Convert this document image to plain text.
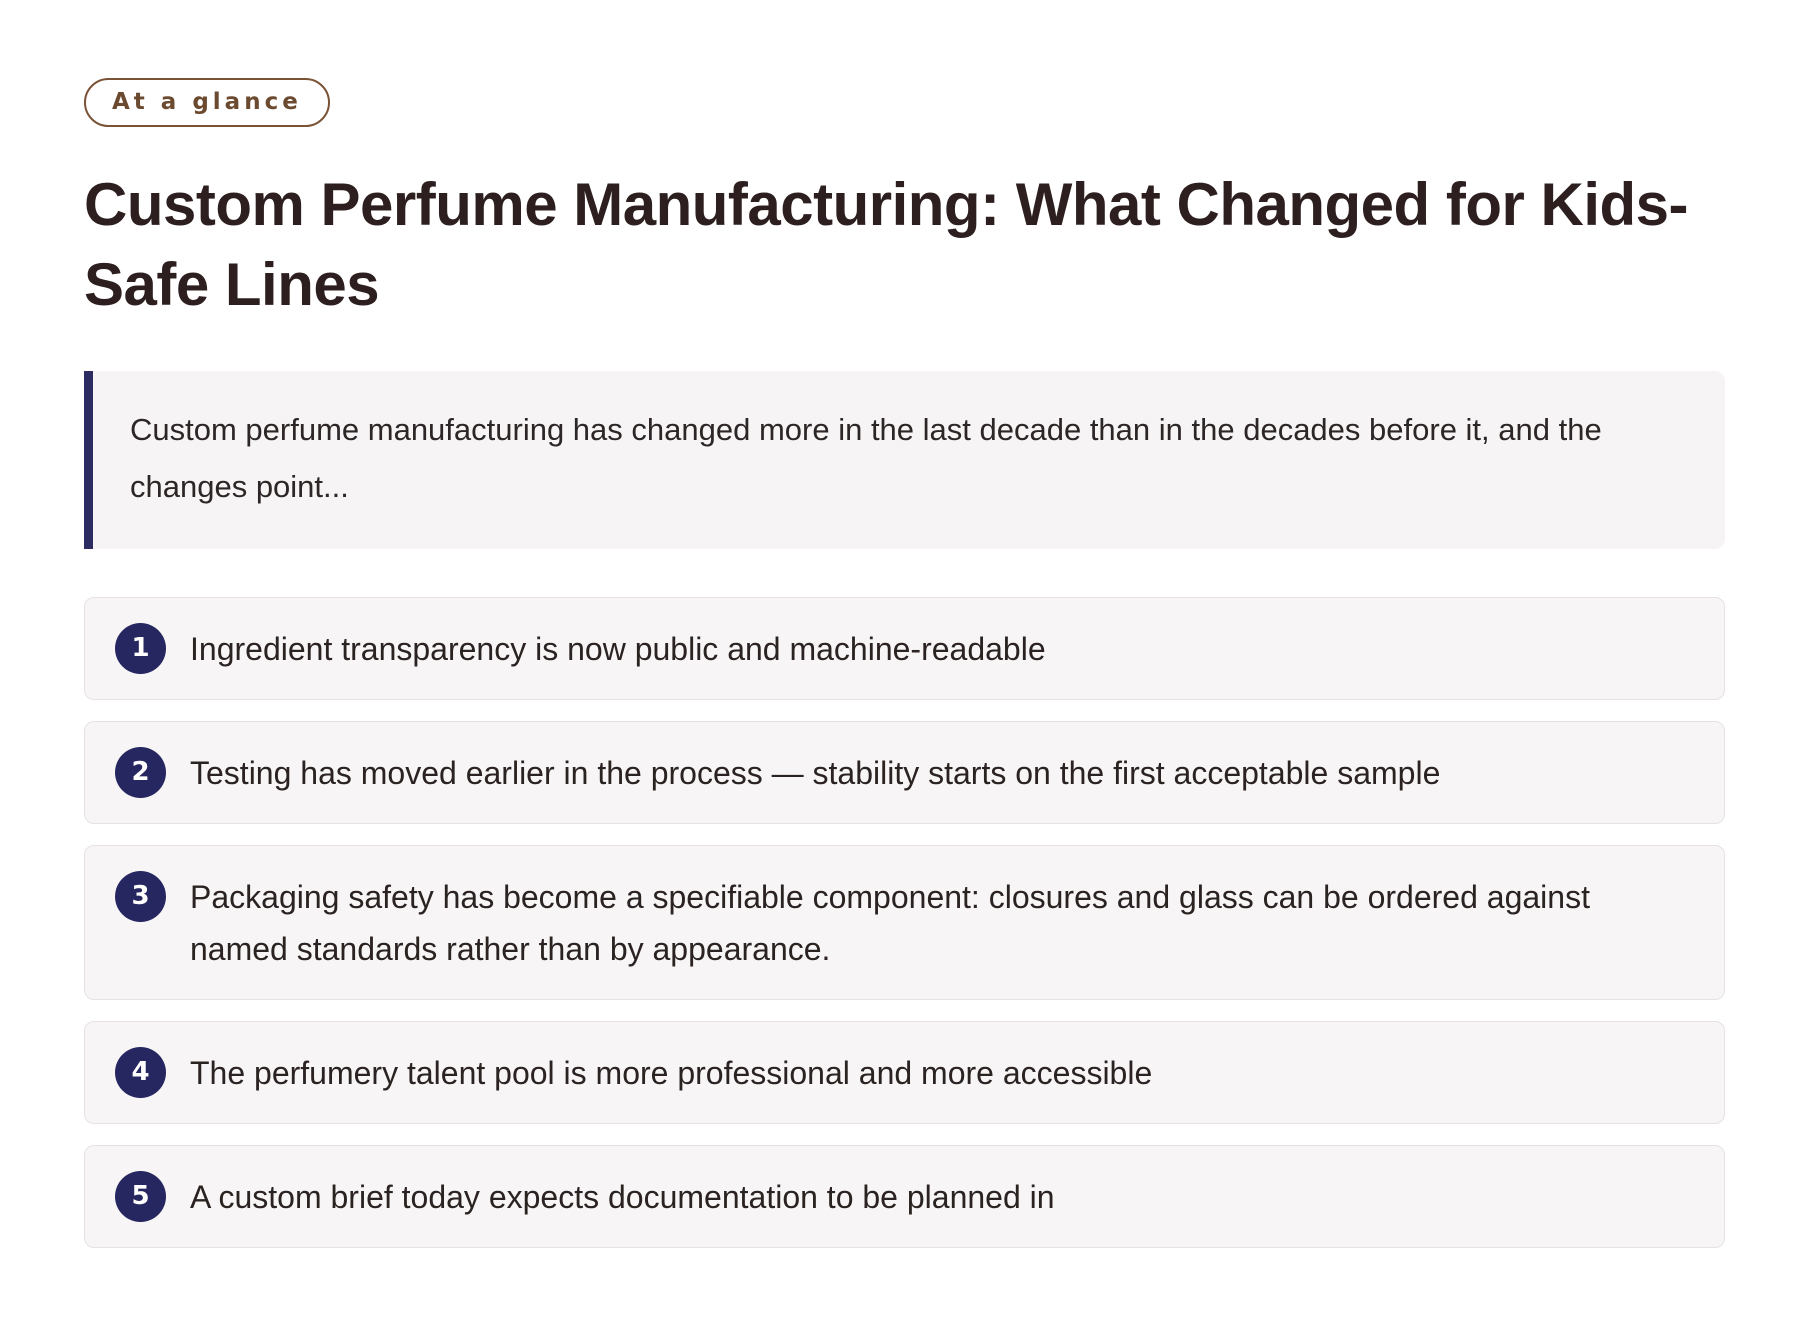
At a glance
Custom Perfume Manufacturing: What Changed for Kids-Safe Lines
Custom perfume manufacturing has changed more in the last decade than in the decades before it, and the changes point...
1	Ingredient transparency is now public and machine-readable
2	Testing has moved earlier in the process — stability starts on the first acceptable sample
3	Packaging safety has become a specifiable component: closures and glass can be ordered against named standards rather than by appearance.
4	The perfumery talent pool is more professional and more accessible
5	A custom brief today expects documentation to be planned in
